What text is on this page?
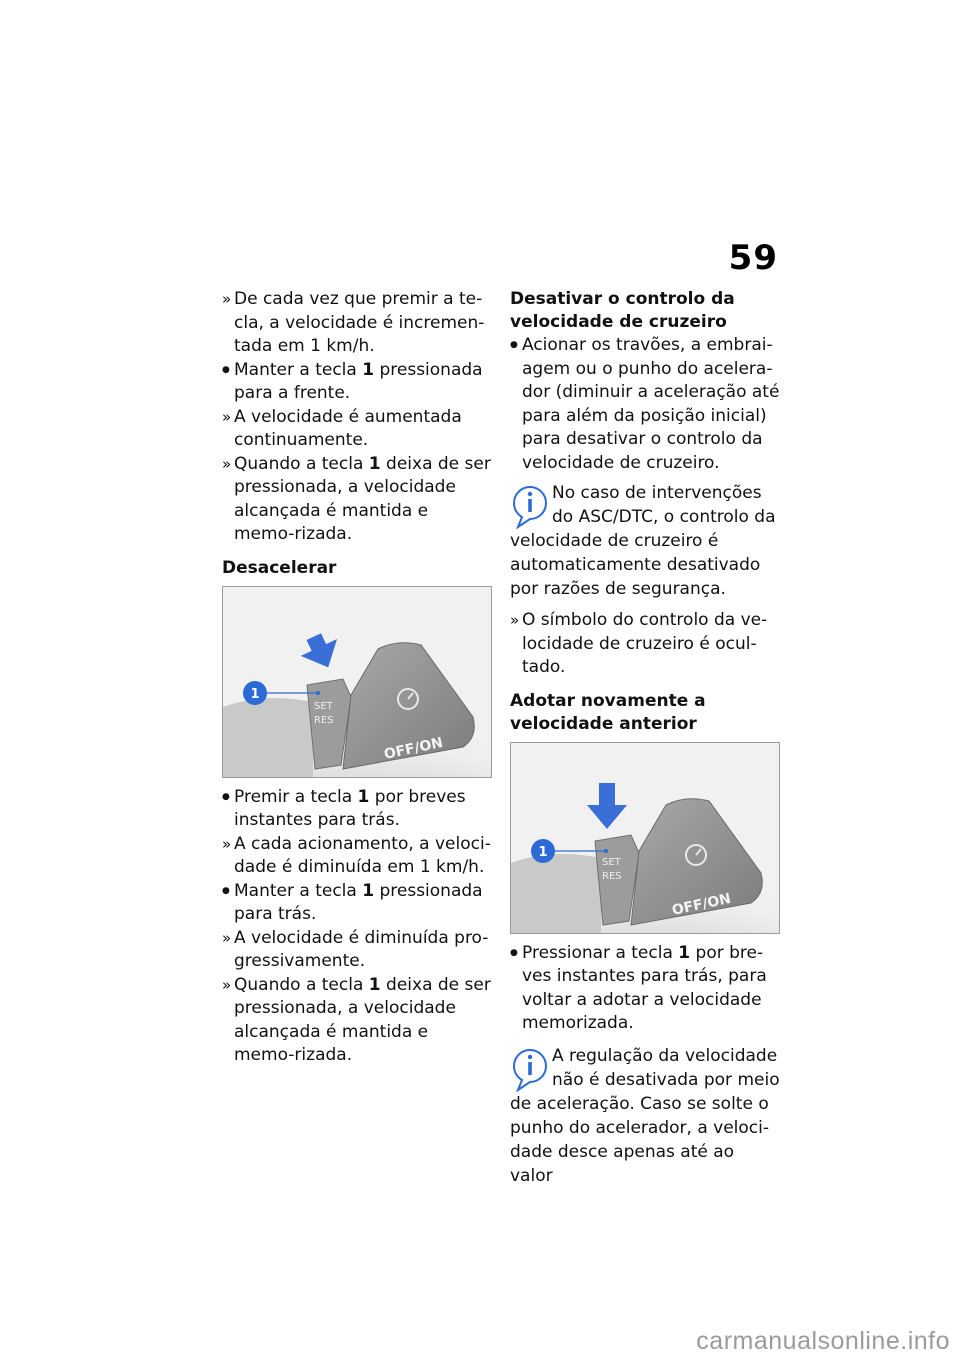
59
»
De cada vez que premir a te-cla, a velocidade é incremen-tada em 1 km/h.
●
Manter a tecla 1 pressionada para a frente.
»
A velocidade é aumentada continuamente.
»
Quando a tecla 1 deixa de ser pressionada, a velocidade alcançada é mantida e memo-rizada.
Desacelerar
SET
RES
OFF/ON
1
●
Premir a tecla 1 por breves instantes para trás.
»
A cada acionamento, a veloci-dade é diminuída em 1 km/h.
●
Manter a tecla 1 pressionada para trás.
»
A velocidade é diminuída pro-gressivamente.
»
Quando a tecla 1 deixa de ser pressionada, a velocidade alcançada é mantida e memo-rizada.
Desativar o controlo da velocidade de cruzeiro
●
Acionar os travões, a embrai-agem ou o punho do acelera-dor (diminuir a aceleração até para além da posição inicial) para desativar o controlo da velocidade de cruzeiro.

No caso de intervenções do ASC/DTC, o controlo da velocidade de cruzeiro é automaticamente desativado por razões de segurança.

»
O símbolo do controlo da ve-locidade de cruzeiro é ocul-tado.
Adotar novamente a velocidade anterior
SET
RES
OFF/ON
1
●
Pressionar a tecla 1 por bre-ves instantes para trás, para voltar a adotar a velocidade memorizada.

A regulação da velocidade não é desativada por meio de aceleração. Caso se solte o punho do acelerador, a veloci-dade desce apenas até ao valor

carmanualsonline.info
